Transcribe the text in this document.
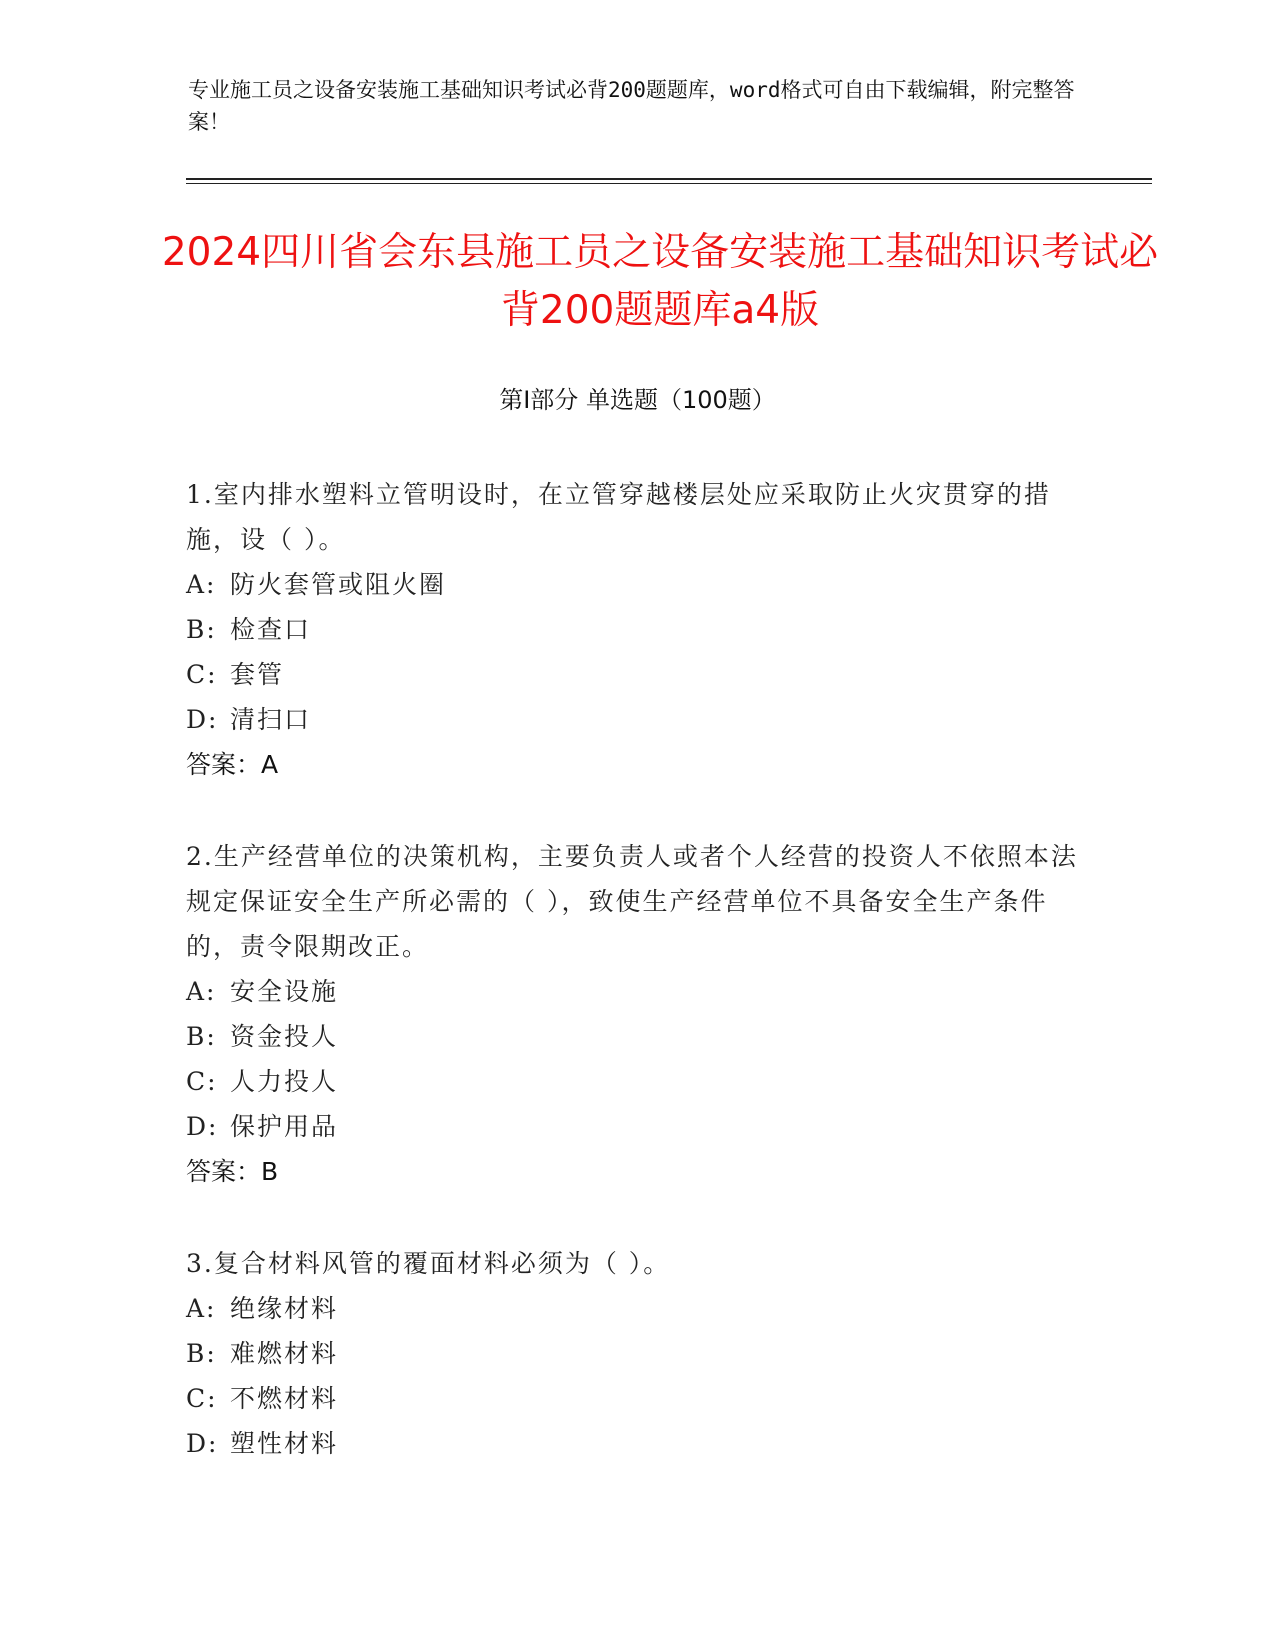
专业施工员之设备安装施工基础知识考试必背200题题库，word格式可自由下载编辑，附完整答案！
2024四川省会东县施工员之设备安装施工基础知识考试必背200题题库a4版
第I部分 单选题（100题）
1.室内排水塑料立管明设时，在立管穿越楼层处应采取防止火灾贯穿的措施，设（ ）。
A: 防火套管或阻火圈
B: 检查口
C: 套管
D: 清扫口
答案：A
2.生产经营单位的决策机构，主要负责人或者个人经营的投资人不依照本法规定保证安全生产所必需的（ ），致使生产经营单位不具备安全生产条件的，责令限期改正。
A: 安全设施
B: 资金投人
C: 人力投人
D: 保护用品
答案：B
3.复合材料风管的覆面材料必须为（ ）。
A: 绝缘材料
B: 难燃材料
C: 不燃材料
D: 塑性材料
